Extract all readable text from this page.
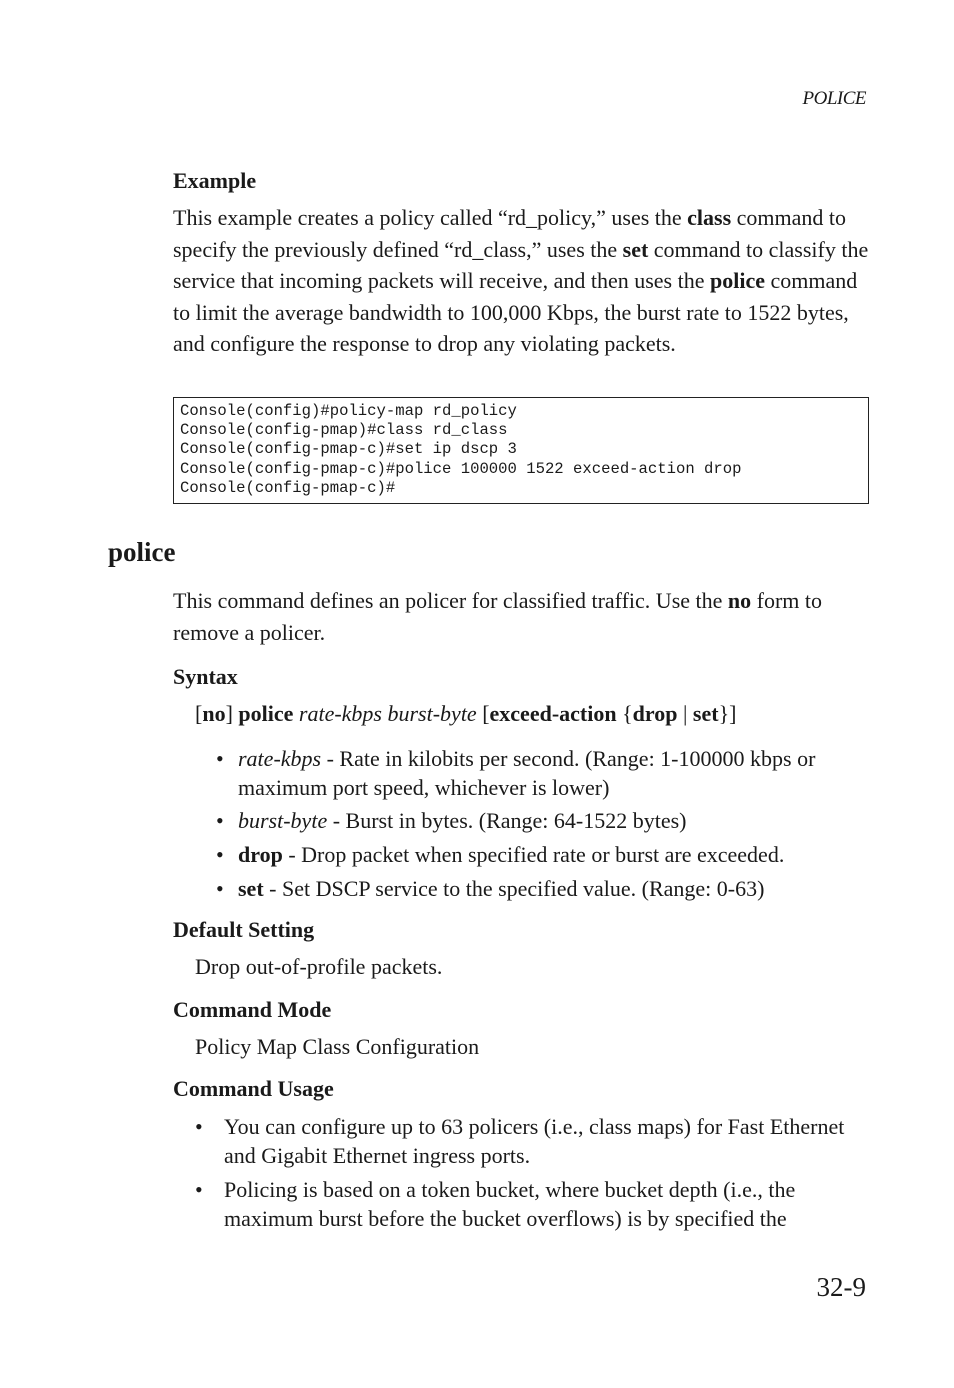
POLICE
Example
This example creates a policy called “rd_policy,” uses the class command to specify the previously defined “rd_class,” uses the set command to classify the service that incoming packets will receive, and then uses the police command to limit the average bandwidth to 100,000 Kbps, the burst rate to 1522 bytes, and configure the response to drop any violating packets.
Console(config)#policy-map rd_policy
Console(config-pmap)#class rd_class
Console(config-pmap-c)#set ip dscp 3
Console(config-pmap-c)#police 100000 1522 exceed-action drop
Console(config-pmap-c)#
police
This command defines an policer for classified traffic. Use the no form to remove a policer.
Syntax
[no] police rate-kbps burst-byte [exceed-action {drop | set}]
• rate-kbps - Rate in kilobits per second. (Range: 1-100000 kbps or maximum port speed, whichever is lower)
• burst-byte - Burst in bytes. (Range: 64-1522 bytes)
• drop - Drop packet when specified rate or burst are exceeded.
• set - Set DSCP service to the specified value. (Range: 0-63)
Default Setting
Drop out-of-profile packets.
Command Mode
Policy Map Class Configuration
Command Usage
• You can configure up to 63 policers (i.e., class maps) for Fast Ethernet and Gigabit Ethernet ingress ports.
• Policing is based on a token bucket, where bucket depth (i.e., the maximum burst before the bucket overflows) is by specified the
32-9
